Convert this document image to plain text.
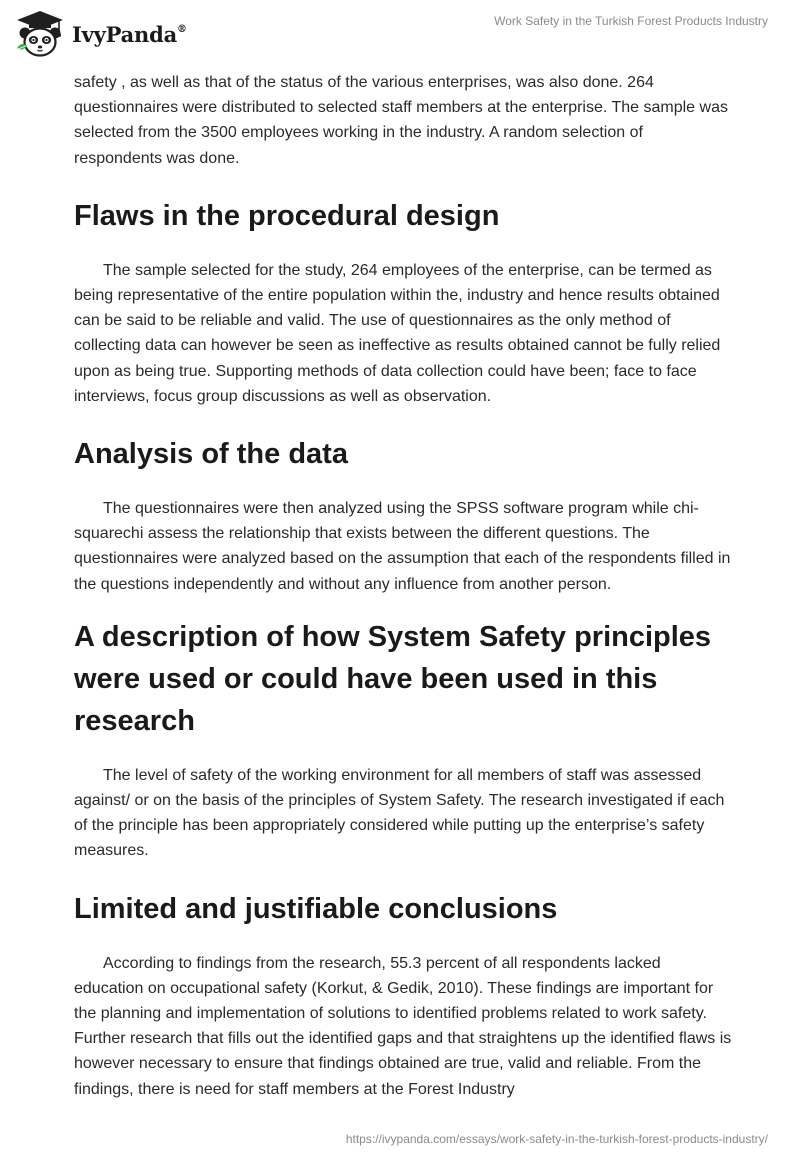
IvyPanda®
Work Safety in the Turkish Forest Products Industry

safety , as well as that of the status of the various enterprises, was also done. 264 questionnaires were distributed to selected staff members at the enterprise. The sample was selected from the 3500 employees working in the industry. A random selection of respondents was done.

Flaws in the procedural design

The sample selected for the study, 264 employees of the enterprise, can be termed as being representative of the entire population within the, industry and hence results obtained can be said to be reliable and valid. The use of questionnaires as the only method of collecting data can however be seen as ineffective as results obtained cannot be fully relied upon as being true. Supporting methods of data collection could have been; face to face interviews, focus group discussions as well as observation.

Analysis of the data

The questionnaires were then analyzed using the SPSS software program while chi- squarechi assess the relationship that exists between the different questions. The questionnaires were analyzed based on the assumption that each of the respondents filled in the questions independently and without any influence from another person.

A description of how System Safety principles were used or could have been used in this research

The level of safety of the working environment for all members of staff was assessed against/ or on the basis of the principles of System Safety. The research investigated if each of the principle has been appropriately considered while putting up the enterprise’s safety measures.

Limited and justifiable conclusions

According to findings from the research, 55.3 percent of all respondents lacked education on occupational safety (Korkut, & Gedik, 2010). These findings are important for the planning and implementation of solutions to identified problems related to work safety. Further research that fills out the identified gaps and that straightens up the identified flaws is however necessary to ensure that findings obtained are true, valid and reliable. From the findings, there is need for staff members at the Forest Industry

https://ivypanda.com/essays/work-safety-in-the-turkish-forest-products-industry/
